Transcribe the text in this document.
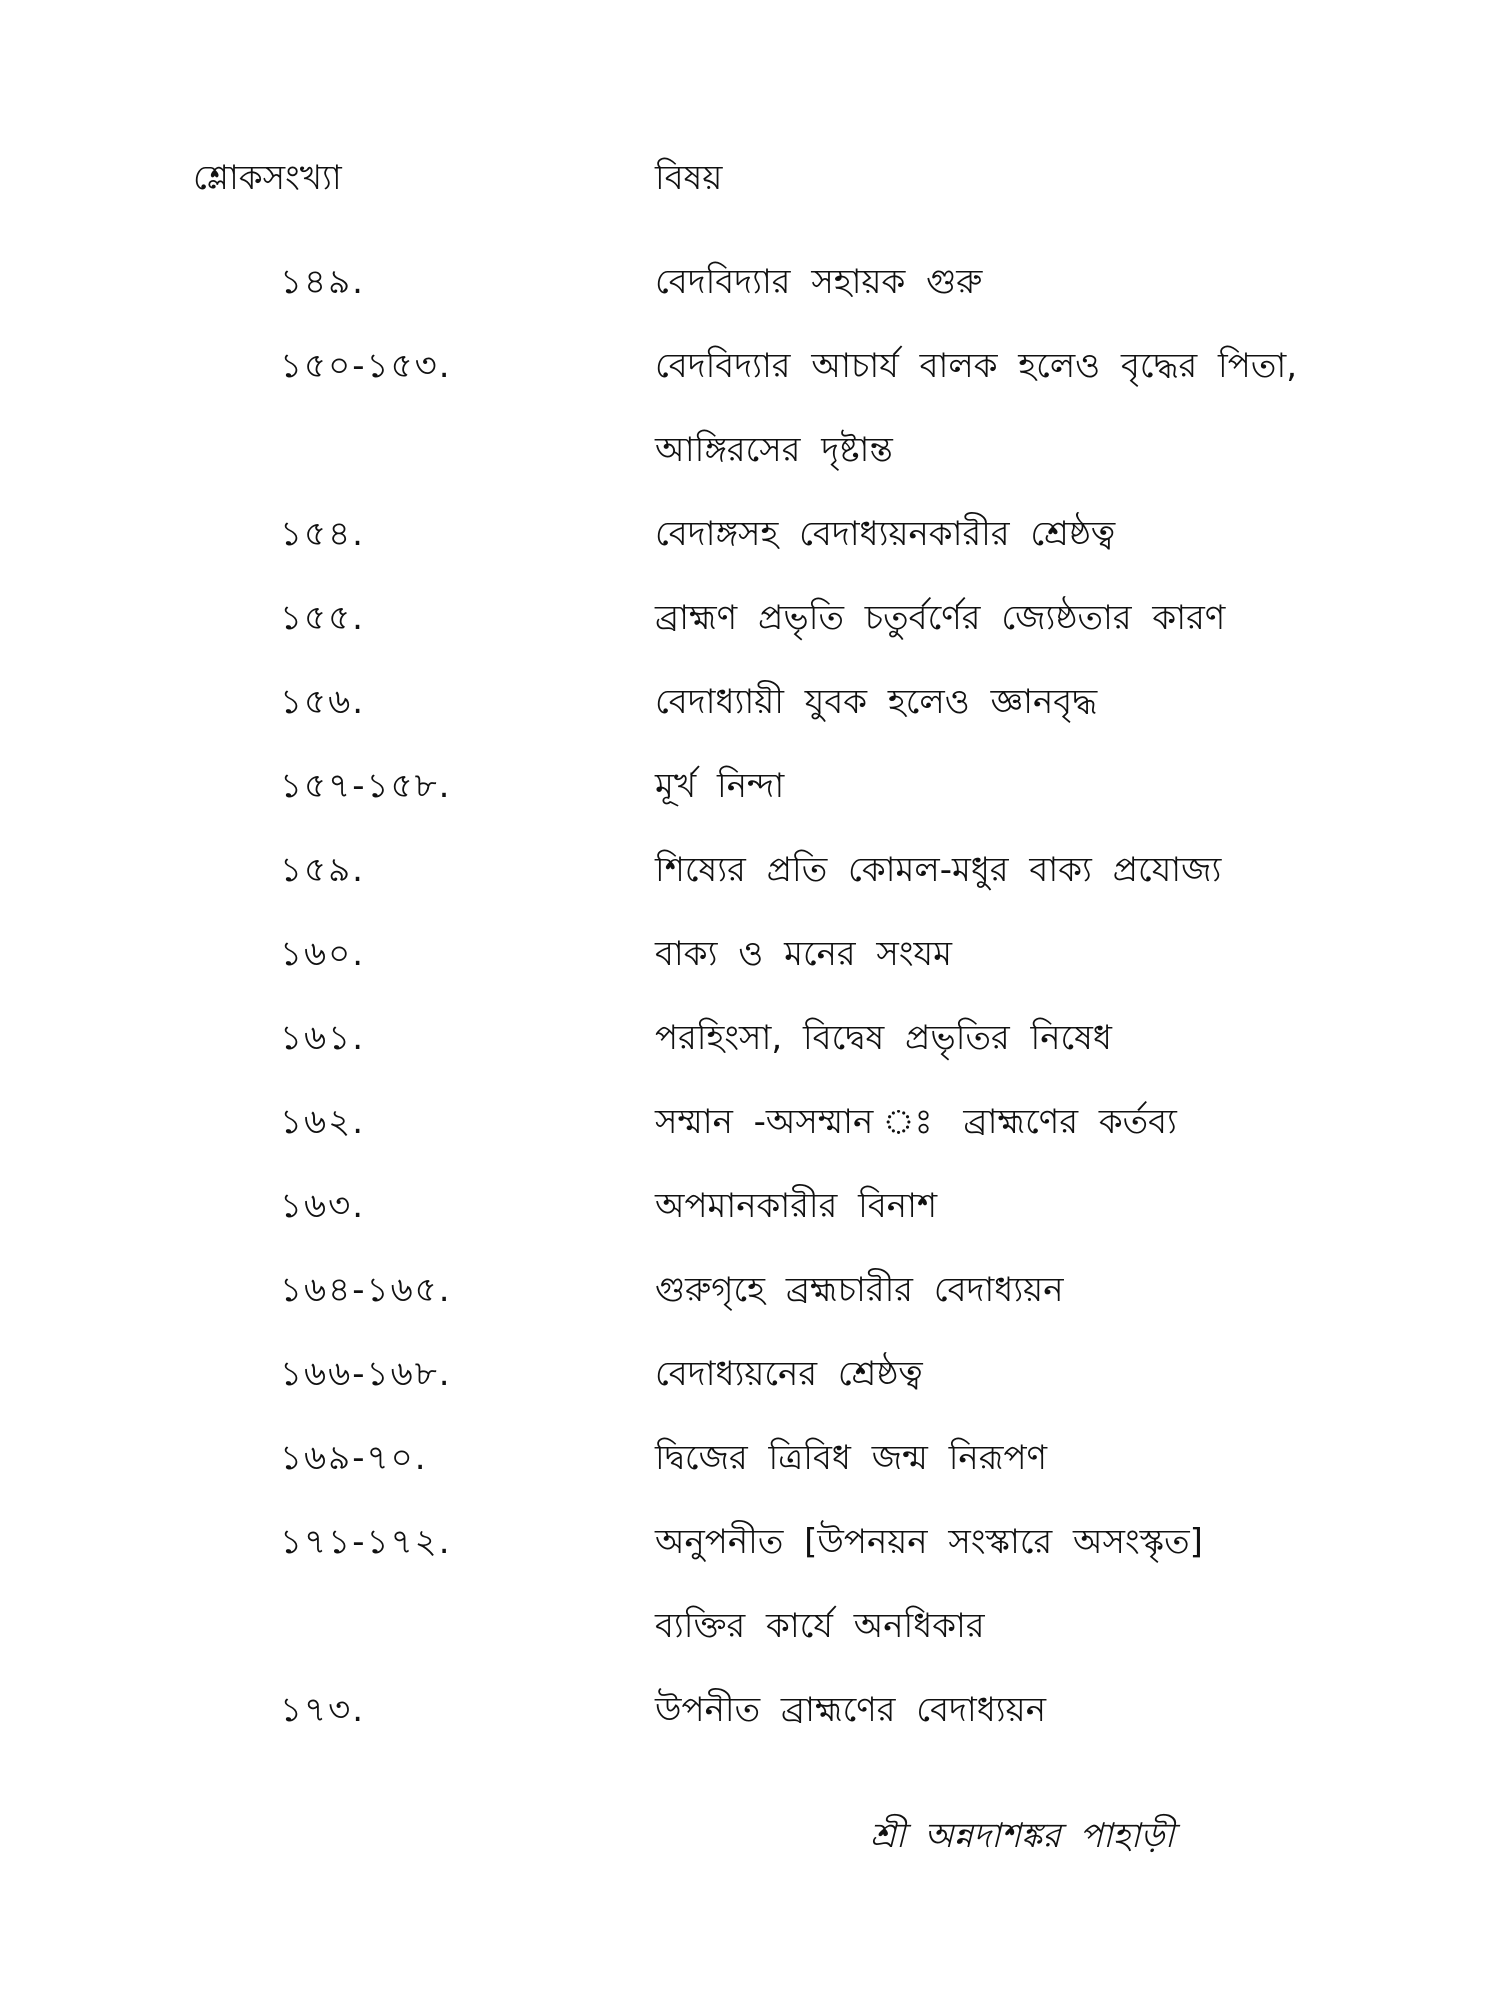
শ্লোকসংখ্যা	বিষয়
১৪৯.	বেদবিদ্যার সহায়ক গুরু
১৫০-১৫৩.	বেদবিদ্যার আচার্য বালক হলেও বৃদ্ধের পিতা,
আঙ্গিরসের দৃষ্টান্ত
১৫৪.	বেদাঙ্গসহ বেদাধ্যয়নকারীর শ্রেষ্ঠত্ব
১৫৫.	ব্রাহ্মণ প্রভৃতি চতুর্বর্ণের জ্যেষ্ঠতার কারণ
১৫৬.	বেদাধ্যায়ী যুবক হলেও জ্ঞানবৃদ্ধ
১৫৭-১৫৮.	মূর্খ নিন্দা
১৫৯.	শিষ্যের প্রতি কোমল-মধুর বাক্য প্রযোজ্য
১৬০.	বাক্য ও মনের সংযম
১৬১.	পরহিংসা, বিদ্বেষ প্রভৃতির নিষেধ
১৬২.	সম্মান -অসম্মান ঃ ব্রাহ্মণের কর্তব্য
১৬৩.	অপমানকারীর বিনাশ
১৬৪-১৬৫.	গুরুগৃহে ব্রহ্মচারীর বেদাধ্যয়ন
১৬৬-১৬৮.	বেদাধ্যয়নের শ্রেষ্ঠত্ব
১৬৯-৭০.	দ্বিজের ত্রিবিধ জন্ম নিরূপণ
১৭১-১৭২.	অনুপনীত [উপনয়ন সংস্কারে অসংস্কৃত]
ব্যক্তির কার্যে অনধিকার
১৭৩.	উপনীত ব্রাহ্মণের বেদাধ্যয়ন
শ্রী অন্নদাশঙ্কর পাহাড়ী
